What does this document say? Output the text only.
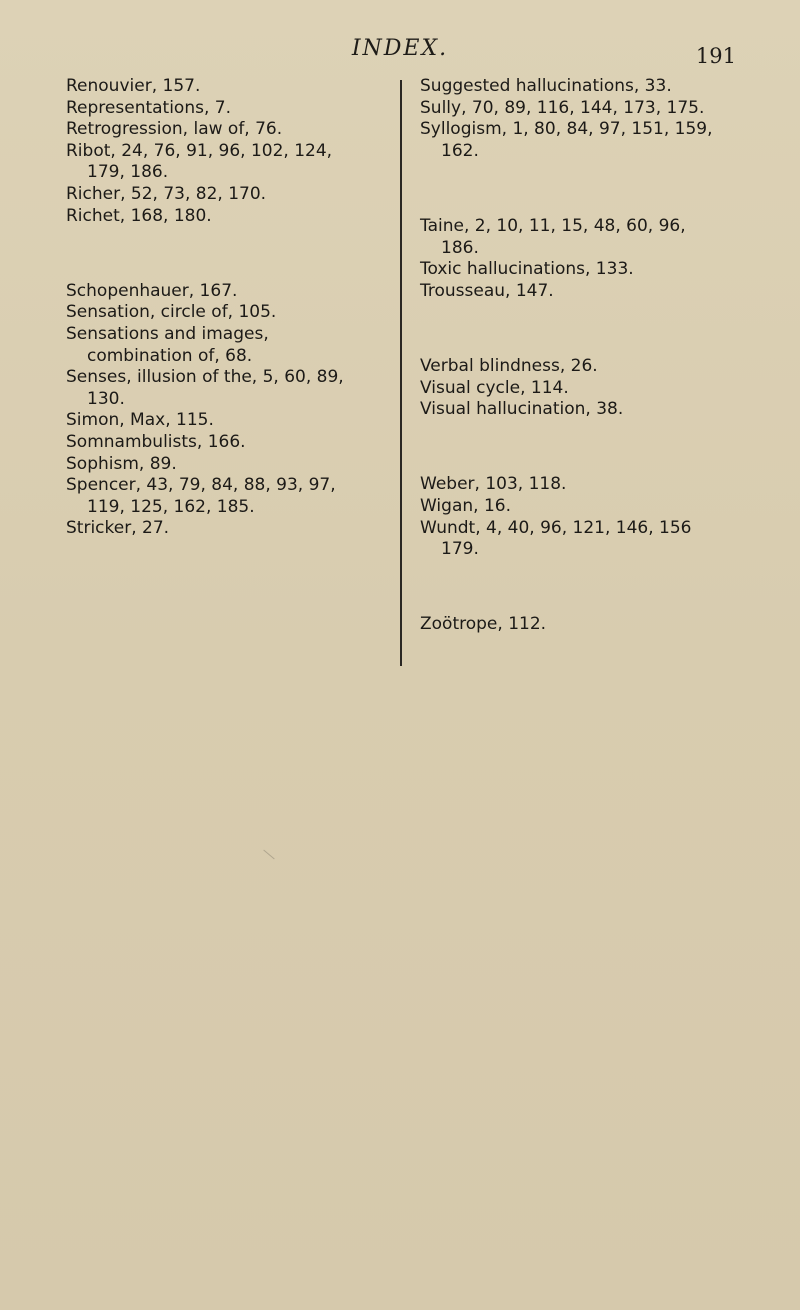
INDEX.	191

Renouvier, 157.

Representations, 7.

Retrogression, law of, 76.

Ribot, 24, 76, 91, 96, 102, 124, 179, 186.

Richer, 52, 73, 82, 170.

Richet, 168, 180.

Schopenhauer, 167.

Sensation, circle of, 105.

Sensations and images, combination of, 68.

Senses, illusion of the, 5, 60, 89, 130.

Simon, Max, 115.

Somnambulists, 166.

Sophism, 89.

Spencer, 43, 79, 84, 88, 93, 97, 119, 125, 162, 185.

Stricker, 27.

Suggested hallucinations, 33.

Sully, 70, 89, 116, 144, 173, 175.

Syllogism, 1, 80, 84, 97, 151, 159, 162.

Taine, 2, 10, 11, 15, 48, 60, 96, 186.

Toxic hallucinations, 133.

Trousseau, 147.

Verbal blindness, 26.

Visual cycle, 114.

Visual hallucination, 38.

Weber, 103, 118.

Wigan, 16.

Wundt, 4, 40, 96, 121, 146, 156 179.

Zoötrope, 112.
